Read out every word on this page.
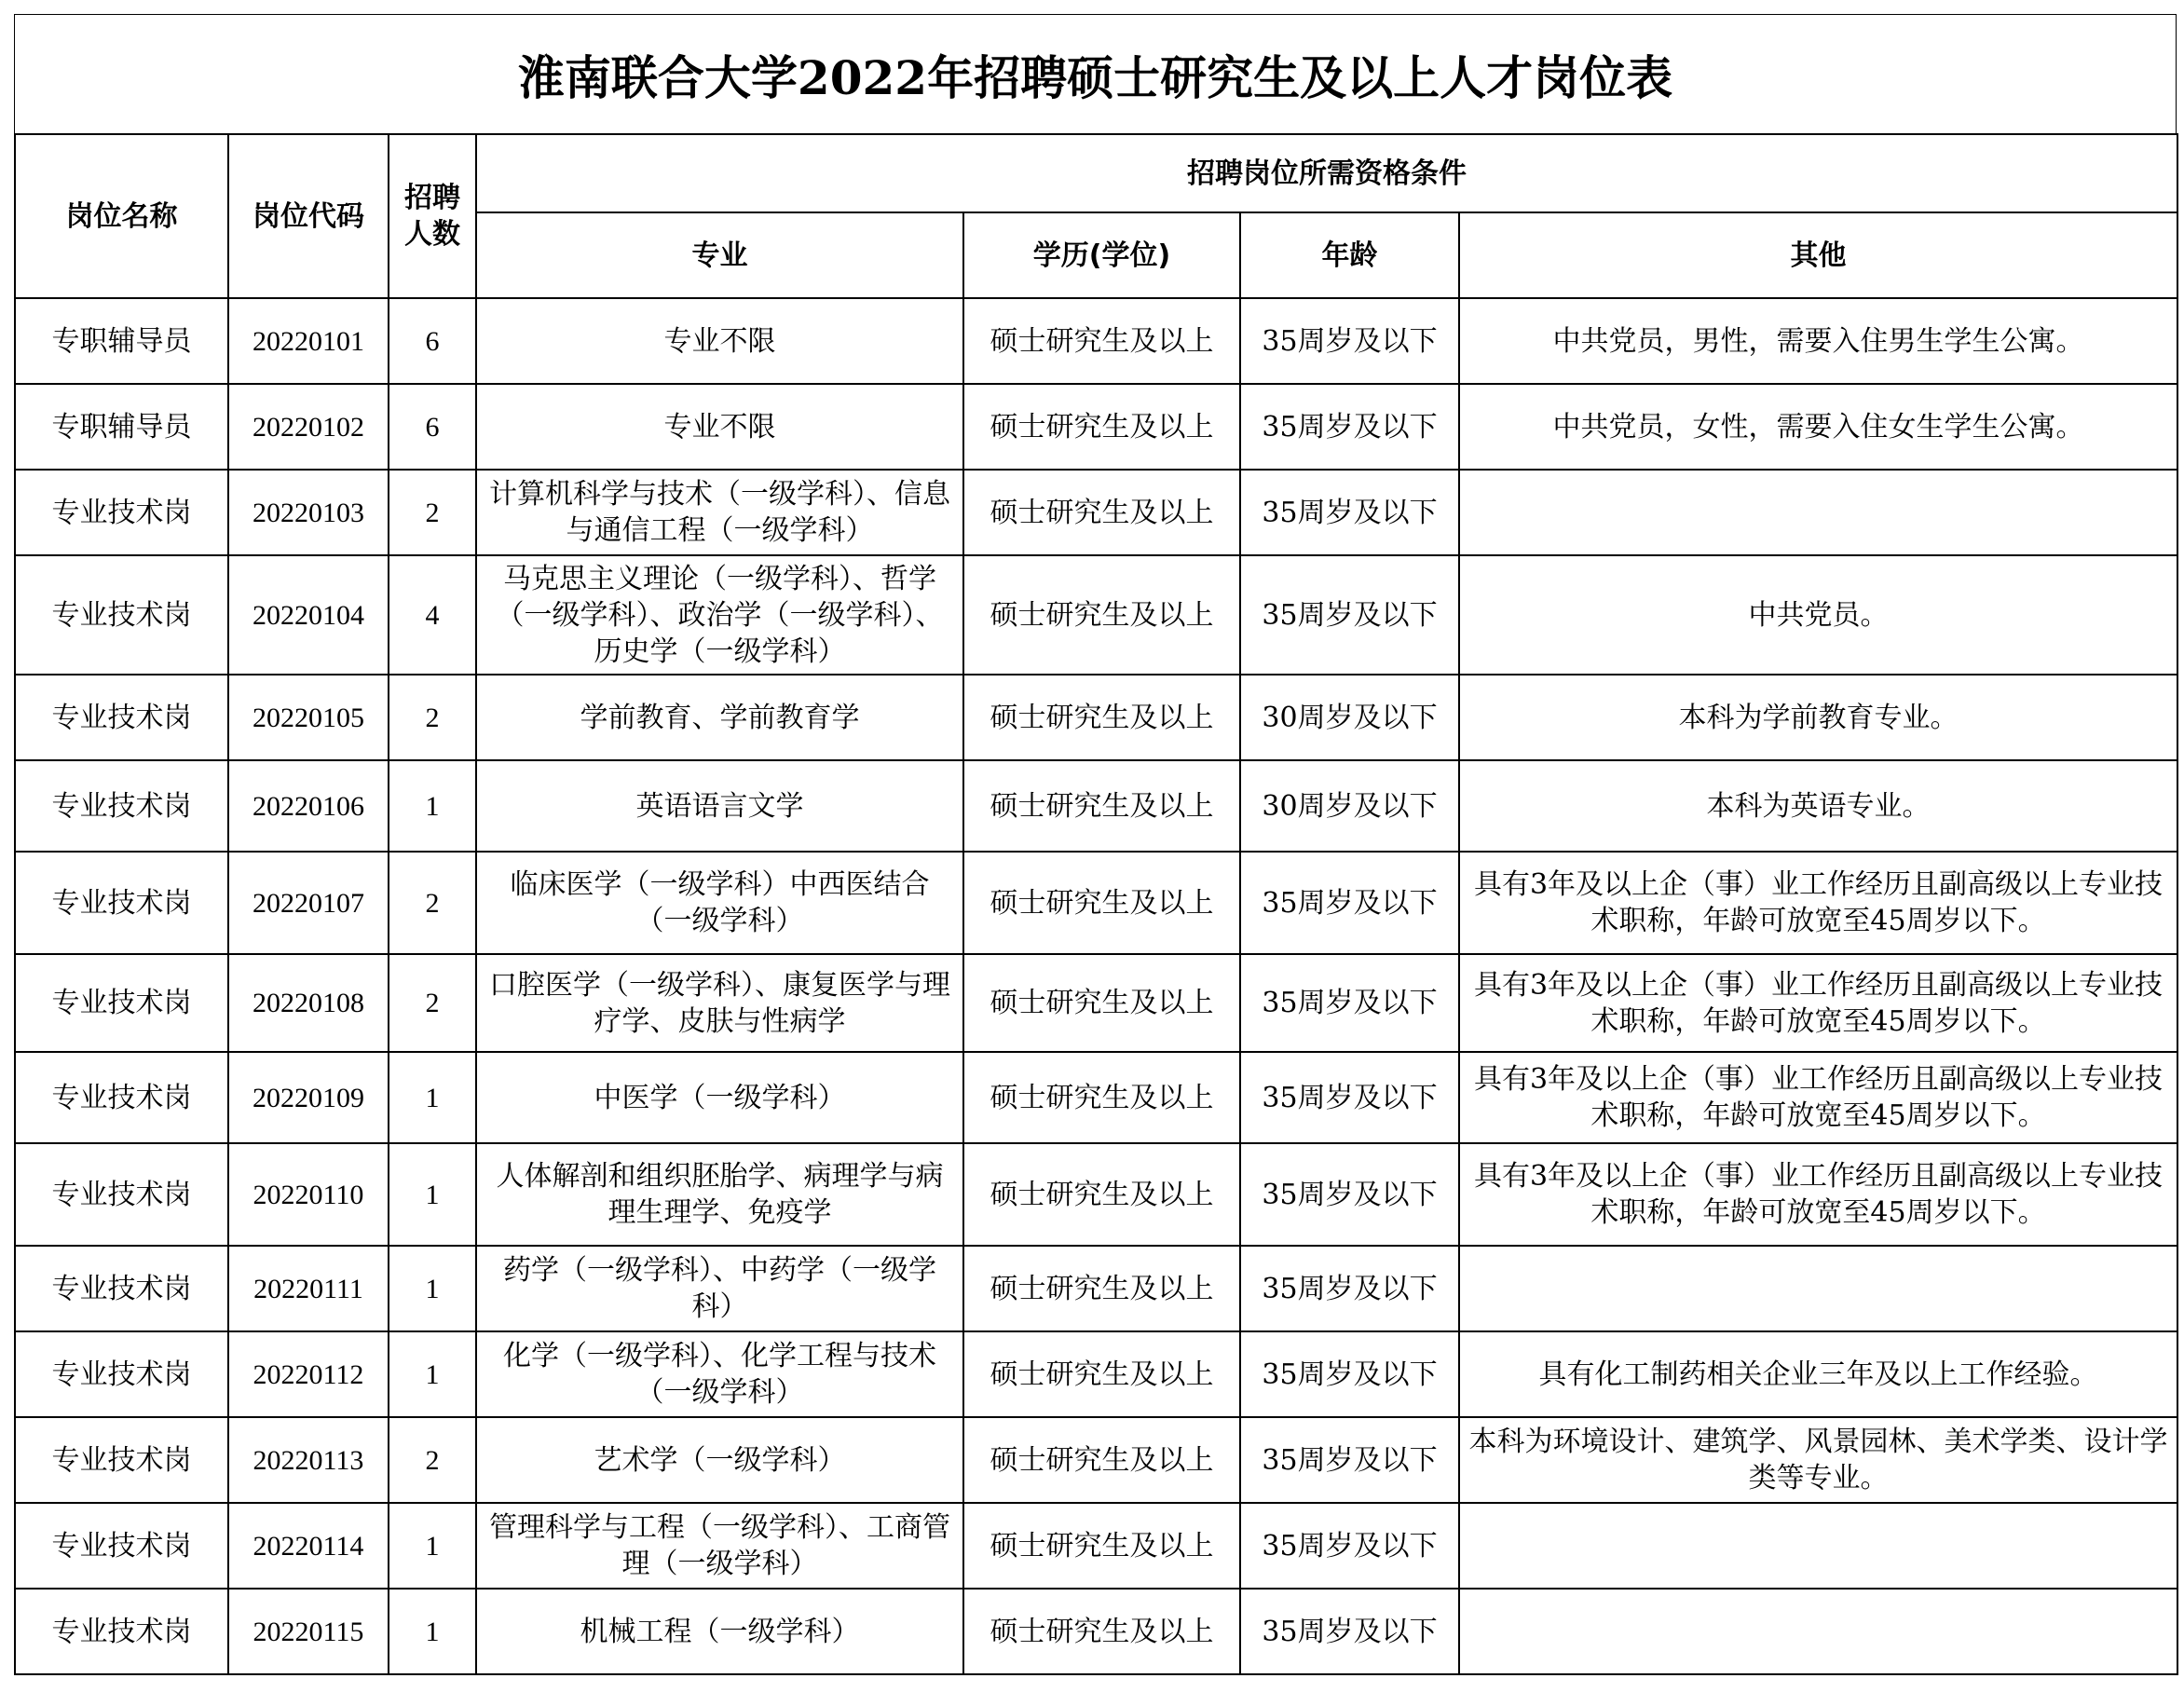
淮南联合大学2022年招聘硕士研究生及以上人才岗位表
岗位名称	岗位代码	招聘
人数	招聘岗位所需资格条件			
			专业	学历(学位)	年龄	其他
专职辅导员	20220101	6	专业不限	硕士研究生及以上	35周岁及以下	中共党员，男性，需要入住男生学生公寓。
专职辅导员	20220102	6	专业不限	硕士研究生及以上	35周岁及以下	中共党员，女性，需要入住女生学生公寓。
专业技术岗	20220103	2	计算机科学与技术（一级学科）、信息与通信工程（一级学科）	硕士研究生及以上	35周岁及以下	
专业技术岗	20220104	4	马克思主义理论（一级学科）、哲学（一级学科）、政治学（一级学科）、历史学（一级学科）	硕士研究生及以上	35周岁及以下	中共党员。
专业技术岗	20220105	2	学前教育、学前教育学	硕士研究生及以上	30周岁及以下	本科为学前教育专业。
专业技术岗	20220106	1	英语语言文学	硕士研究生及以上	30周岁及以下	本科为英语专业。
专业技术岗	20220107	2	临床医学（一级学科）中西医结合（一级学科）	硕士研究生及以上	35周岁及以下	具有3年及以上企（事）业工作经历且副高级以上专业技术职称，年龄可放宽至45周岁以下。
专业技术岗	20220108	2	口腔医学（一级学科）、康复医学与理疗学、皮肤与性病学	硕士研究生及以上	35周岁及以下	具有3年及以上企（事）业工作经历且副高级以上专业技术职称，年龄可放宽至45周岁以下。
专业技术岗	20220109	1	中医学（一级学科）	硕士研究生及以上	35周岁及以下	具有3年及以上企（事）业工作经历且副高级以上专业技术职称，年龄可放宽至45周岁以下。
专业技术岗	20220110	1	人体解剖和组织胚胎学、病理学与病理生理学、免疫学	硕士研究生及以上	35周岁及以下	具有3年及以上企（事）业工作经历且副高级以上专业技术职称，年龄可放宽至45周岁以下。
专业技术岗	20220111	1	药学（一级学科）、中药学（一级学科）	硕士研究生及以上	35周岁及以下	
专业技术岗	20220112	1	化学（一级学科）、化学工程与技术（一级学科）	硕士研究生及以上	35周岁及以下	具有化工制药相关企业三年及以上工作经验。
专业技术岗	20220113	2	艺术学（一级学科）	硕士研究生及以上	35周岁及以下	本科为环境设计、建筑学、风景园林、美术学类、设计学类等专业。
专业技术岗	20220114	1	管理科学与工程（一级学科）、工商管理（一级学科）	硕士研究生及以上	35周岁及以下	
专业技术岗	20220115	1	机械工程（一级学科）	硕士研究生及以上	35周岁及以下	
